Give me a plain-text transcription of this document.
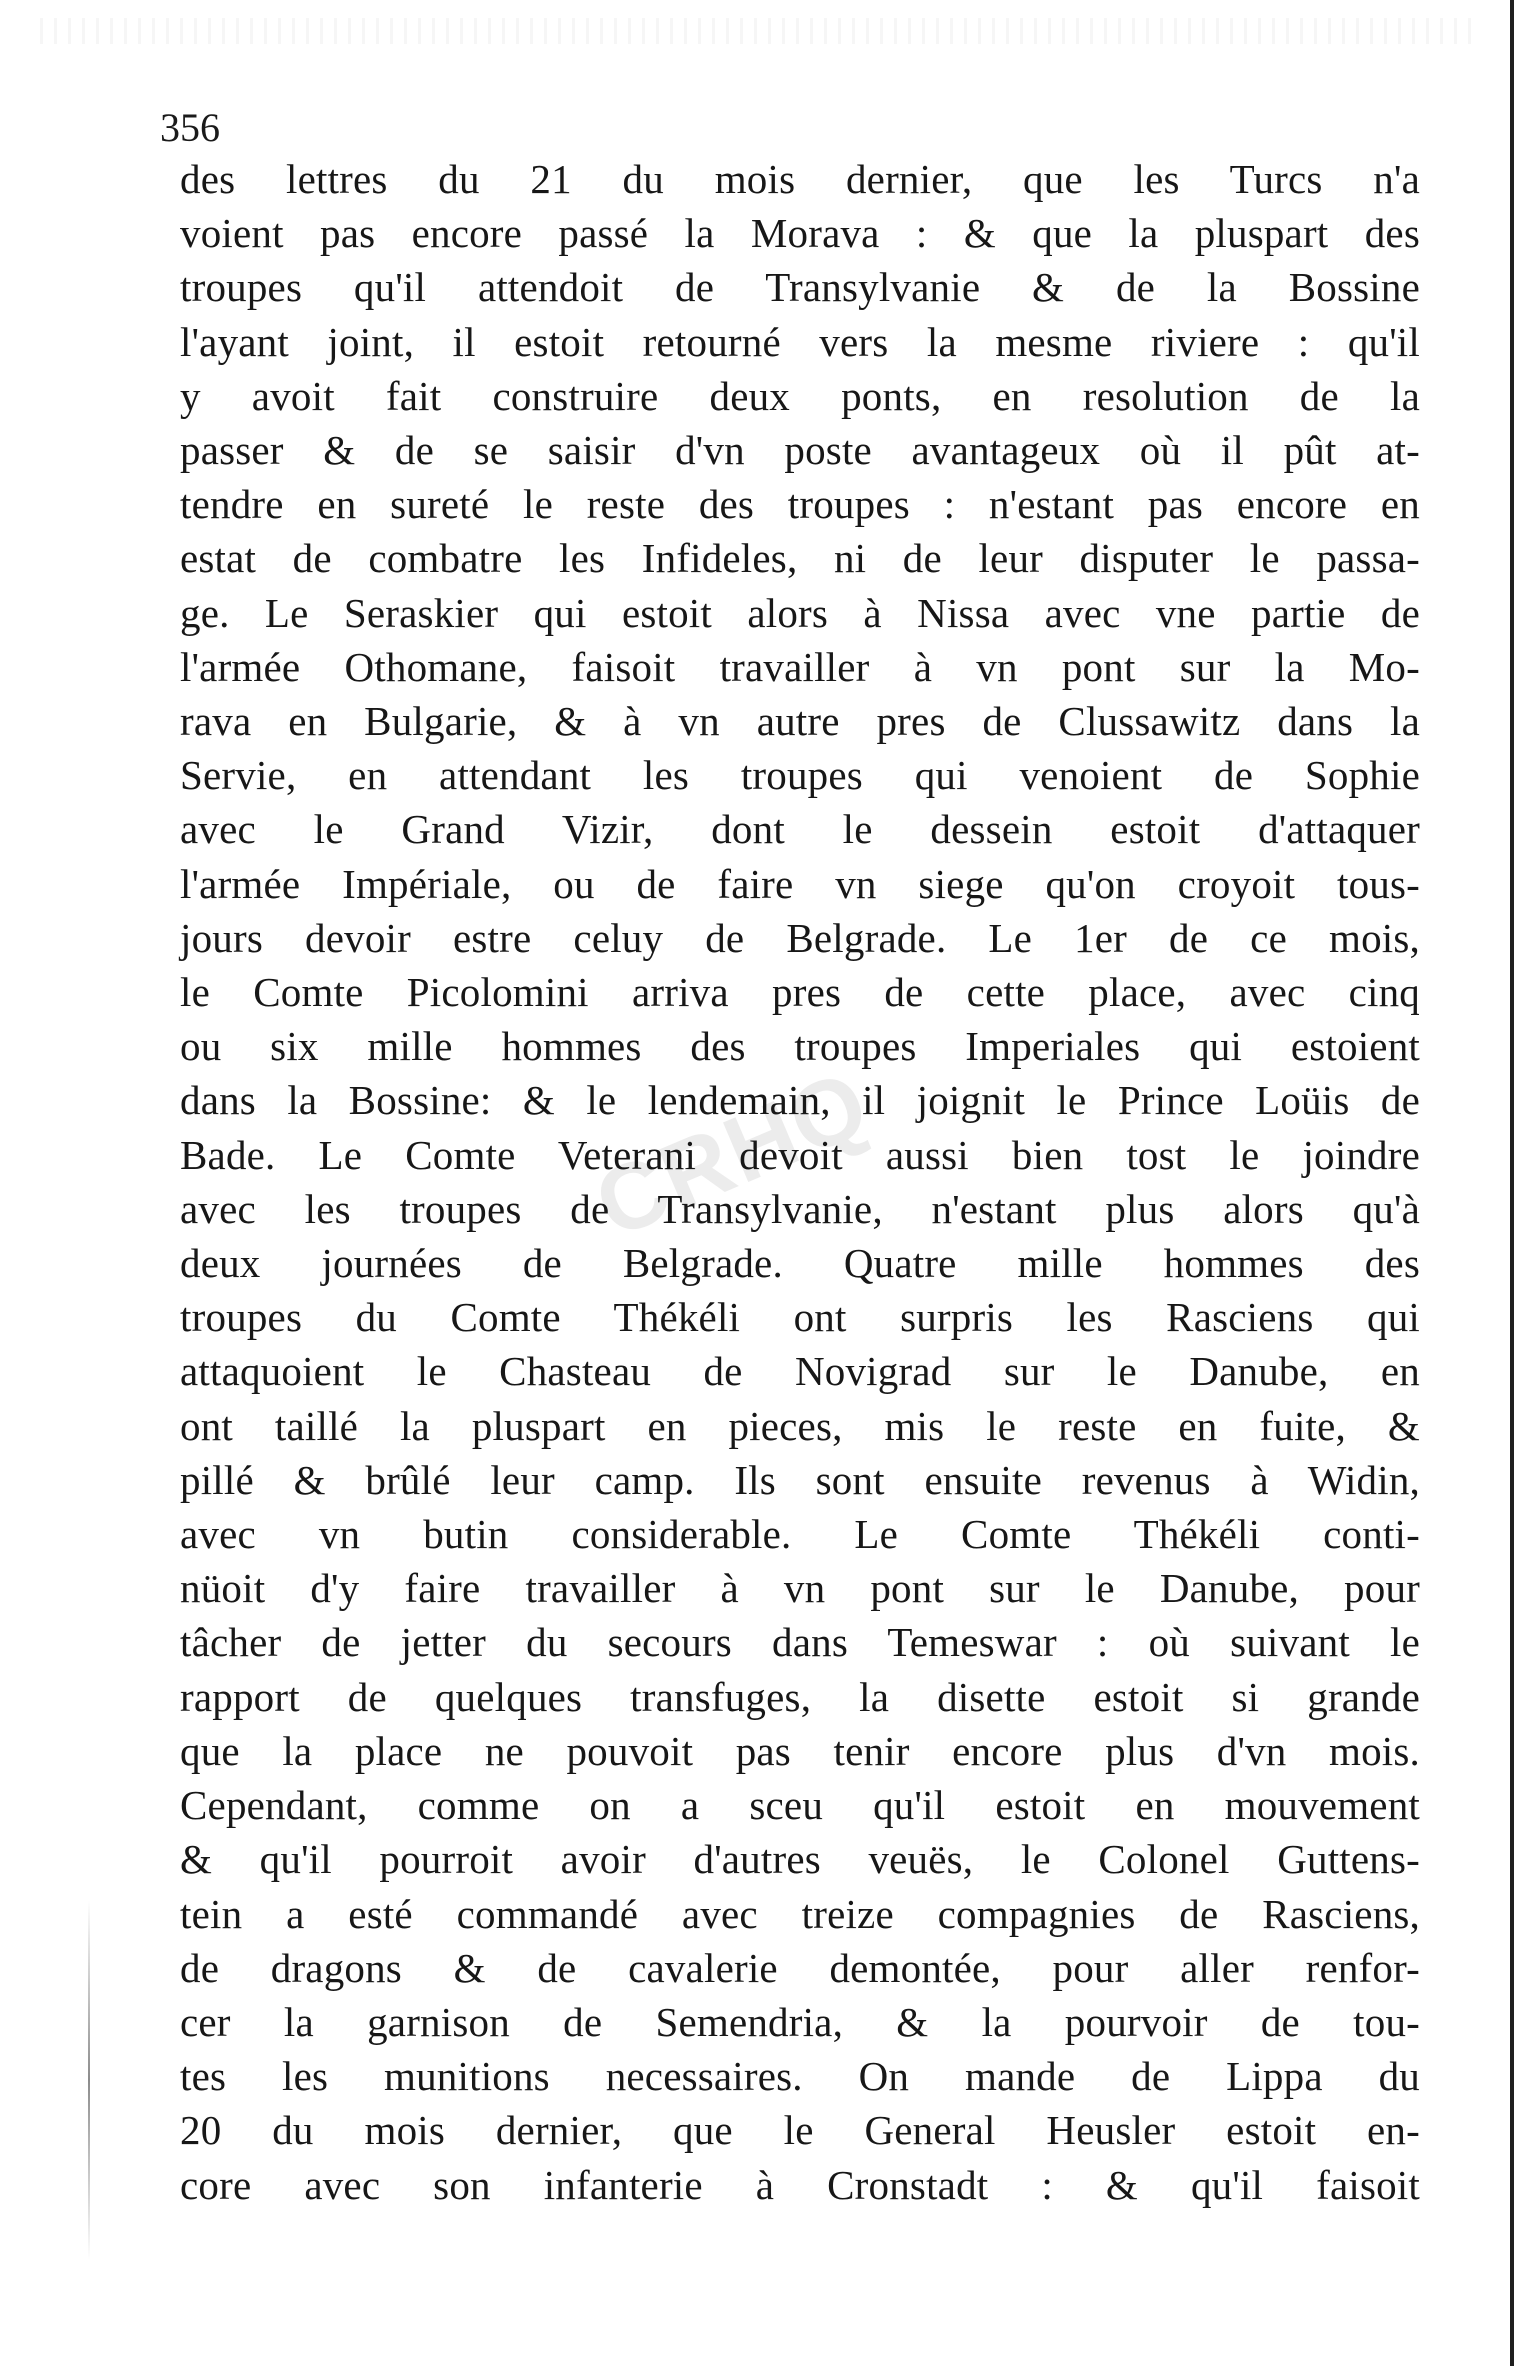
356
CRHQ
des lettres du 21 du mois dernier, que les Turcs n'a
voient pas encore passé la Morava : & que la pluspart des
troupes qu'il attendoit de Transylvanie & de la Bossine
l'ayant joint, il estoit retourné vers la mesme riviere : qu'il
y avoit fait construire deux ponts, en resolution de la
passer & de se saisir d'vn poste avantageux où il pût at-
tendre en sureté le reste des troupes : n'estant pas encore en
estat de combatre les Infideles, ni de leur disputer le passa-
ge. Le Seraskier qui estoit alors à Nissa avec vne partie de
l'armée Othomane, faisoit travailler à vn pont sur la Mo-
rava en Bulgarie, & à vn autre pres de Clussawitz dans la
Servie, en attendant les troupes qui venoient de Sophie
avec le Grand Vizir, dont le dessein estoit d'attaquer
l'armée Impériale, ou de faire vn siege qu'on croyoit tous-
jours devoir estre celuy de Belgrade. Le 1er de ce mois,
le Comte Picolomini arriva pres de cette place, avec cinq
ou six mille hommes des troupes Imperiales qui estoient
dans la Bossine: & le lendemain, il joignit le Prince Loüis de
Bade. Le Comte Veterani devoit aussi bien tost le joindre
avec les troupes de Transylvanie, n'estant plus alors qu'à
deux journées de Belgrade. Quatre mille hommes des
troupes du Comte Thékéli ont surpris les Rasciens qui
attaquoient le Chasteau de Novigrad sur le Danube, en
ont taillé la pluspart en pieces, mis le reste en fuite, &
pillé & brûlé leur camp. Ils sont ensuite revenus à Widin,
avec vn butin considerable. Le Comte Thékéli conti-
nüoit d'y faire travailler à vn pont sur le Danube, pour
tâcher de jetter du secours dans Temeswar : où suivant le
rapport de quelques transfuges, la disette estoit si grande
que la place ne pouvoit pas tenir encore plus d'vn mois.
Cependant, comme on a sceu qu'il estoit en mouvement
& qu'il pourroit avoir d'autres veuës, le Colonel Guttens-
tein a esté commandé avec treize compagnies de Rasciens,
de dragons & de cavalerie demontée, pour aller renfor-
cer la garnison de Semendria, & la pourvoir de tou-
tes les munitions necessaires. On mande de Lippa du
20 du mois dernier, que le General Heusler estoit en-
core avec son infanterie à Cronstadt : & qu'il faisoit
